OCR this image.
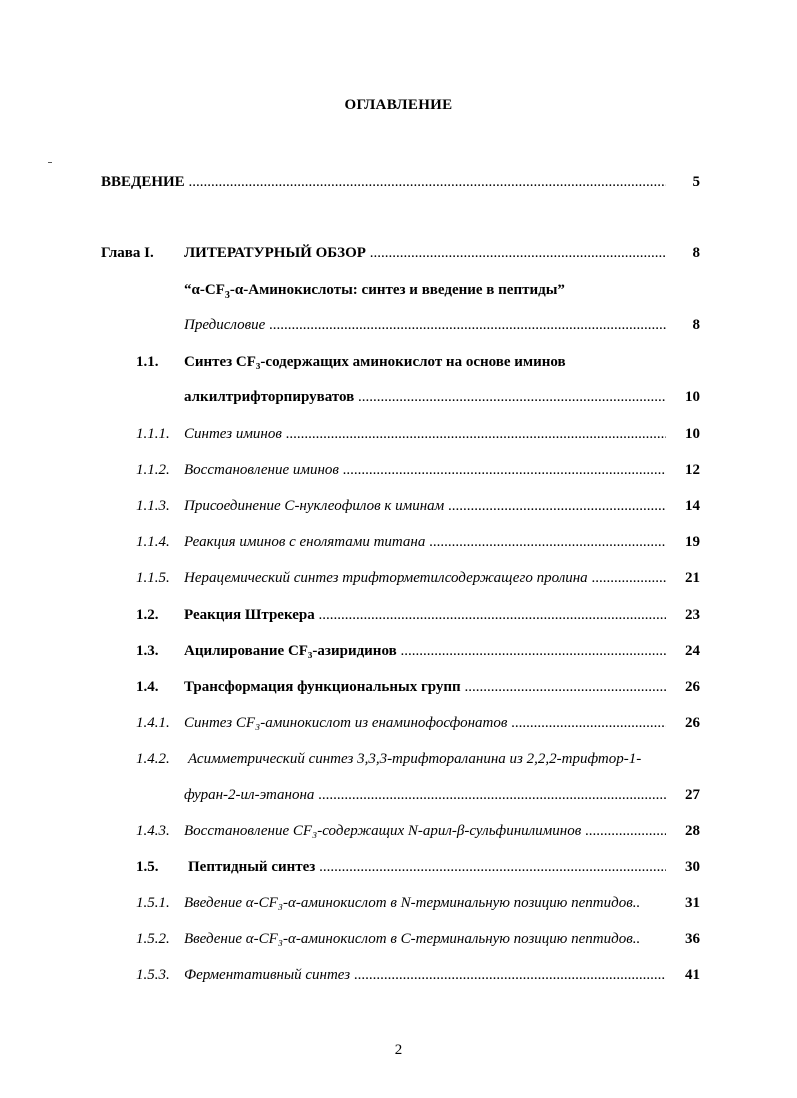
ОГЛАВЛЕНИЕ
ВВЕДЕНИЕ .....	5
Глава I. ЛИТЕРАТУРНЫЙ ОБЗОР .....	8
“$\alpha-CF_3-\alpha$-Аминокислоты: синтез и введение в пептиды”
Предисловие .....	8
1.1. Синтез CF₃-содержащих аминокислот на основе иминов
алкилтрифторпируватов .....	10
1.1.1. Синтез иминов .....	10
1.1.2. Восстановление иминов .....	12
1.1.3. Присоединение С-нуклеофилов к иминам .....	14
1.1.4. Реакция иминов с енолятами титана .....	19
1.1.5. Нерацемический синтез трифторметилсодержащего пролина .....	21
1.2. Реакция Штрекера .....	23
1.3. Ацилирование CF₃-азиридинов .....	24
1.4. Трансформация функциональных групп .....	26
1.4.1. Синтез CF₃-аминокислот из енаминофосфонатов .....	26
1.4.2. Асимметрический синтез 3,3,3-трифтораланина из 2,2,2-трифтор-1-
фуран-2-ил-этанона .....	27
1.4.3. Восстановление CF₃-содержащих N-арил-β-сульфинилиминов .....	28
1.5. Пептидный синтез .....	30
1.5.1. Введение α-CF₃-α-аминокислот в N-терминальную позицию пептидов..	31
1.5.2. Введение α-CF₃-α-аминокислот в C-терминальную позицию пептидов..	36
1.5.3. Ферментативный синтез .....	41
2
